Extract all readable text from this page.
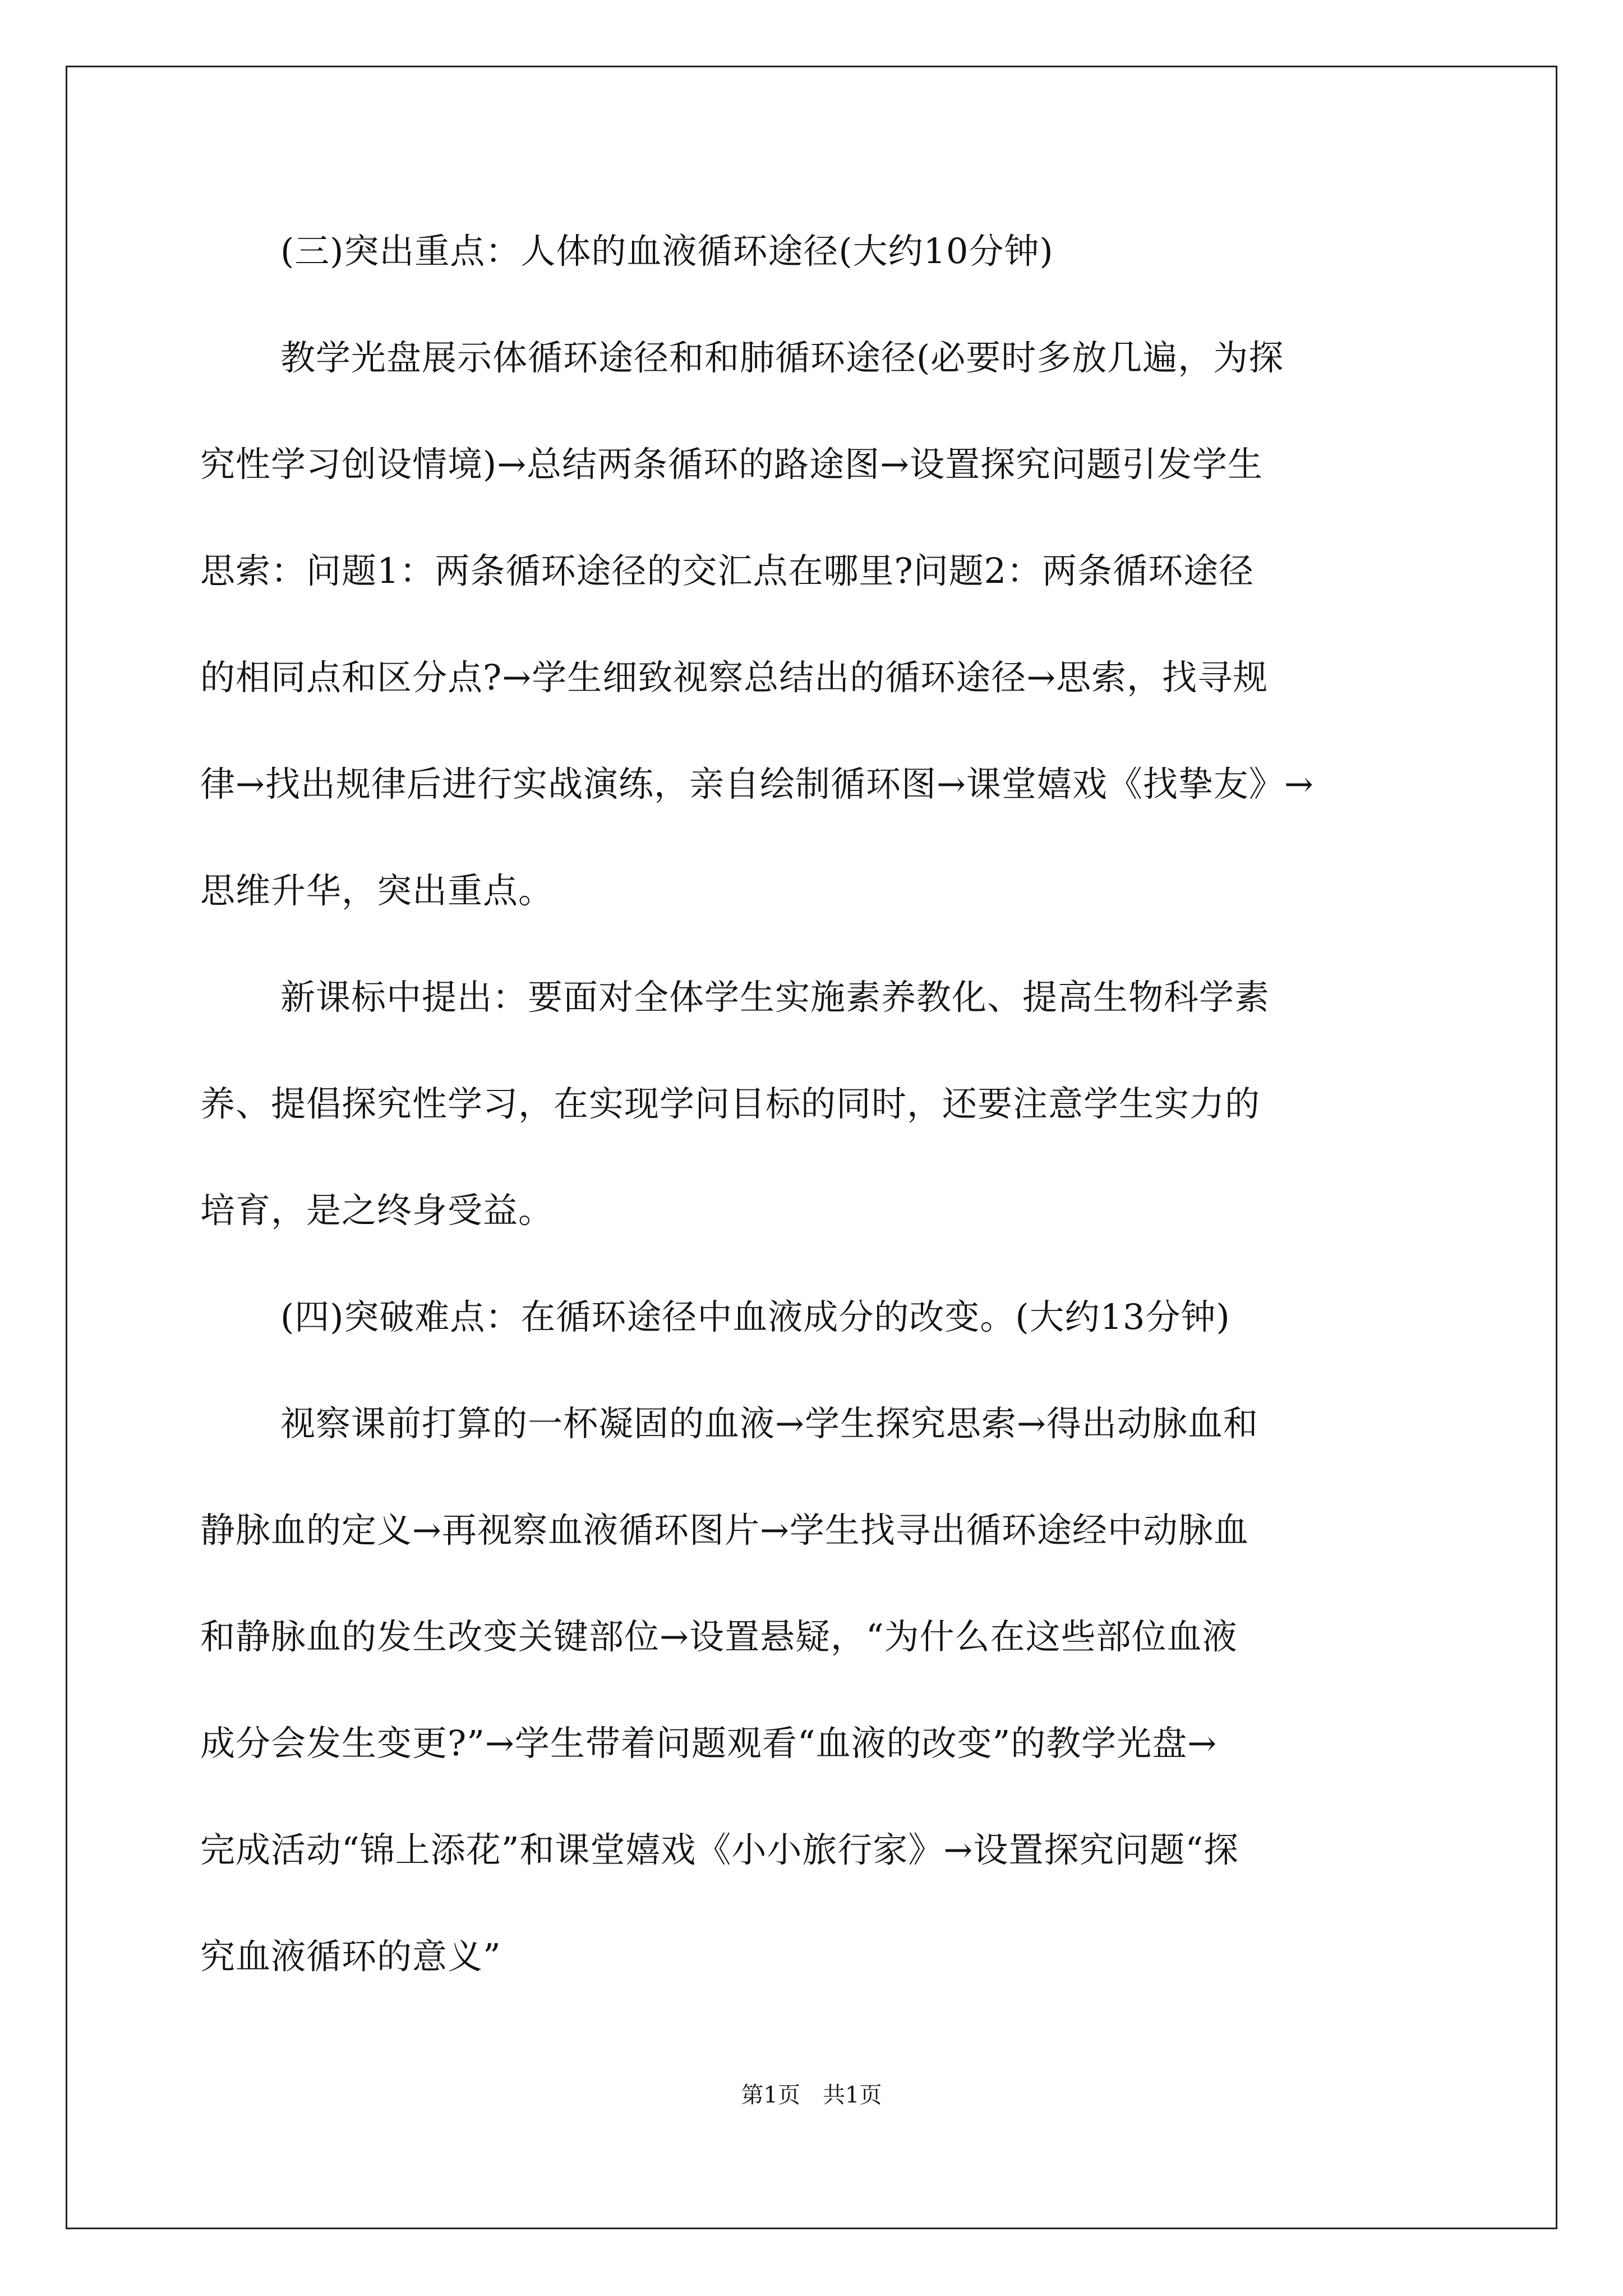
(三)突出重点：人体的血液循环途径(大约10分钟)
教学光盘展示体循环途径和和肺循环途径(必要时多放几遍，为探
究性学习创设情境)→总结两条循环的路途图→设置探究问题引发学生
思索：问题1：两条循环途径的交汇点在哪里?问题2：两条循环途径
的相同点和区分点?→学生细致视察总结出的循环途径→思索，找寻规
律→找出规律后进行实战演练，亲自绘制循环图→课堂嬉戏《找挚友》→
思维升华，突出重点。
新课标中提出：要面对全体学生实施素养教化、提高生物科学素
养、提倡探究性学习，在实现学问目标的同时，还要注意学生实力的
培育，是之终身受益。
(四)突破难点：在循环途径中血液成分的改变。(大约13分钟)
视察课前打算的一杯凝固的血液→学生探究思索→得出动脉血和
静脉血的定义→再视察血液循环图片→学生找寻出循环途经中动脉血
和静脉血的发生改变关键部位→设置悬疑，“为什么在这些部位血液
成分会发生变更?”→学生带着问题观看“血液的改变”的教学光盘→
完成活动“锦上添花”和课堂嬉戏《小小旅行家》→设置探究问题“探
究血液循环的意义”
第1页　共1页
